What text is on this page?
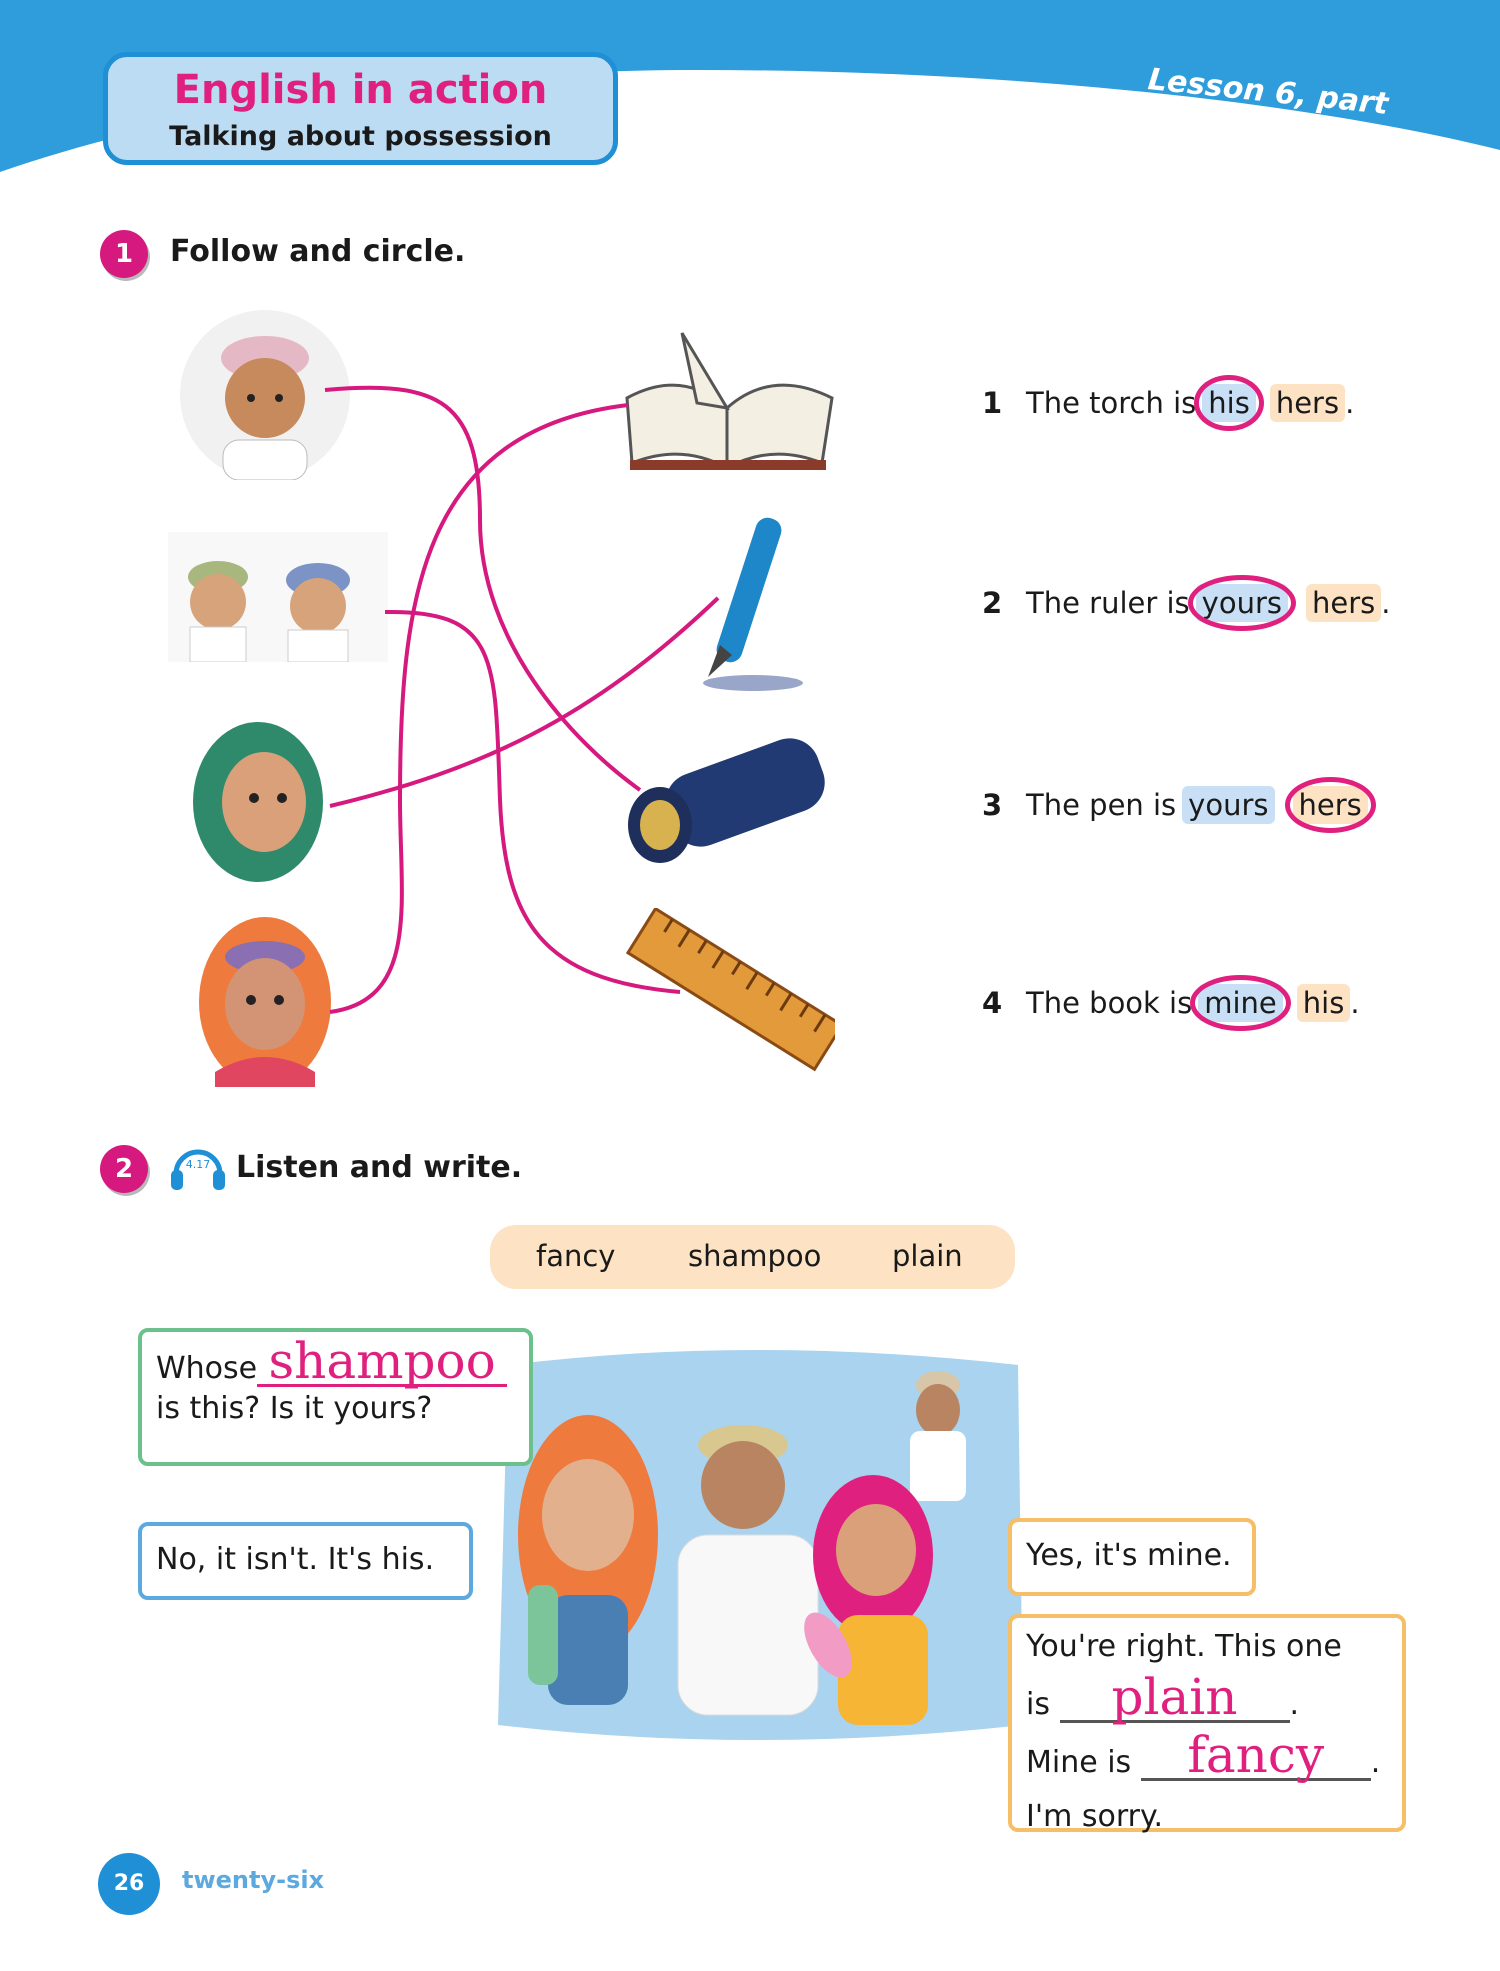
English in action
Talking about possession
Lesson 6, part 2
1	Follow and circle.
1 The torch is his hers .
2 The ruler is yours hers .
3 The pen is yours hers
4 The book is mine his .
2	4.17 Listen and write.
fancy	shampoo plain
Whose shampoo
is this? Is it yours?
No, it isn't. It's his.	Yes, it's mine.
You're right. This one
is plain .
Mine is fancy .
I'm sorry.
26	twenty-six
